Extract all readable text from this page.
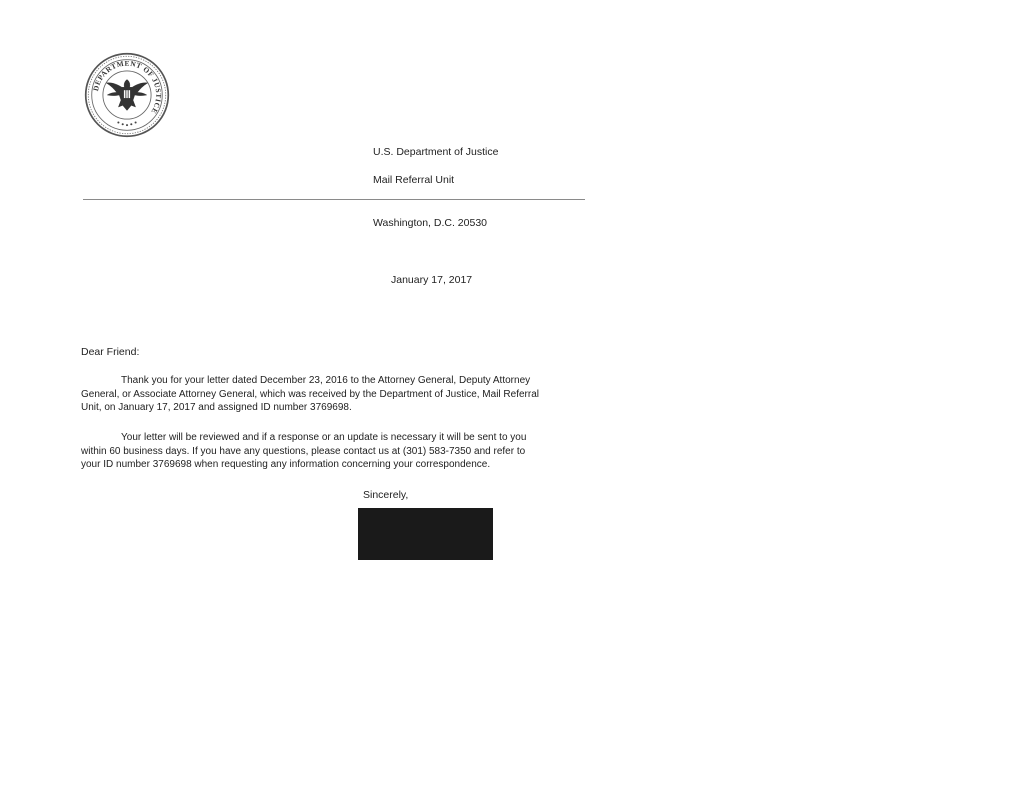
DEPARTMENT OF JUSTICE
U.S. Department of Justice
Mail Referral Unit
Washington, D.C. 20530
January 17, 2017
Dear Friend:
Thank you for your letter dated December 23, 2016 to the Attorney General, Deputy Attorney
General, or Associate Attorney General, which was received by the Department of Justice, Mail Referral
Unit, on January 17, 2017 and assigned ID number 3769698.
Your letter will be reviewed and if a response or an update is necessary it will be sent to you
within 60 business days. If you have any questions, please contact us at (301) 583-7350 and refer to
your ID number 3769698 when requesting any information concerning your correspondence.
Sincerely,
